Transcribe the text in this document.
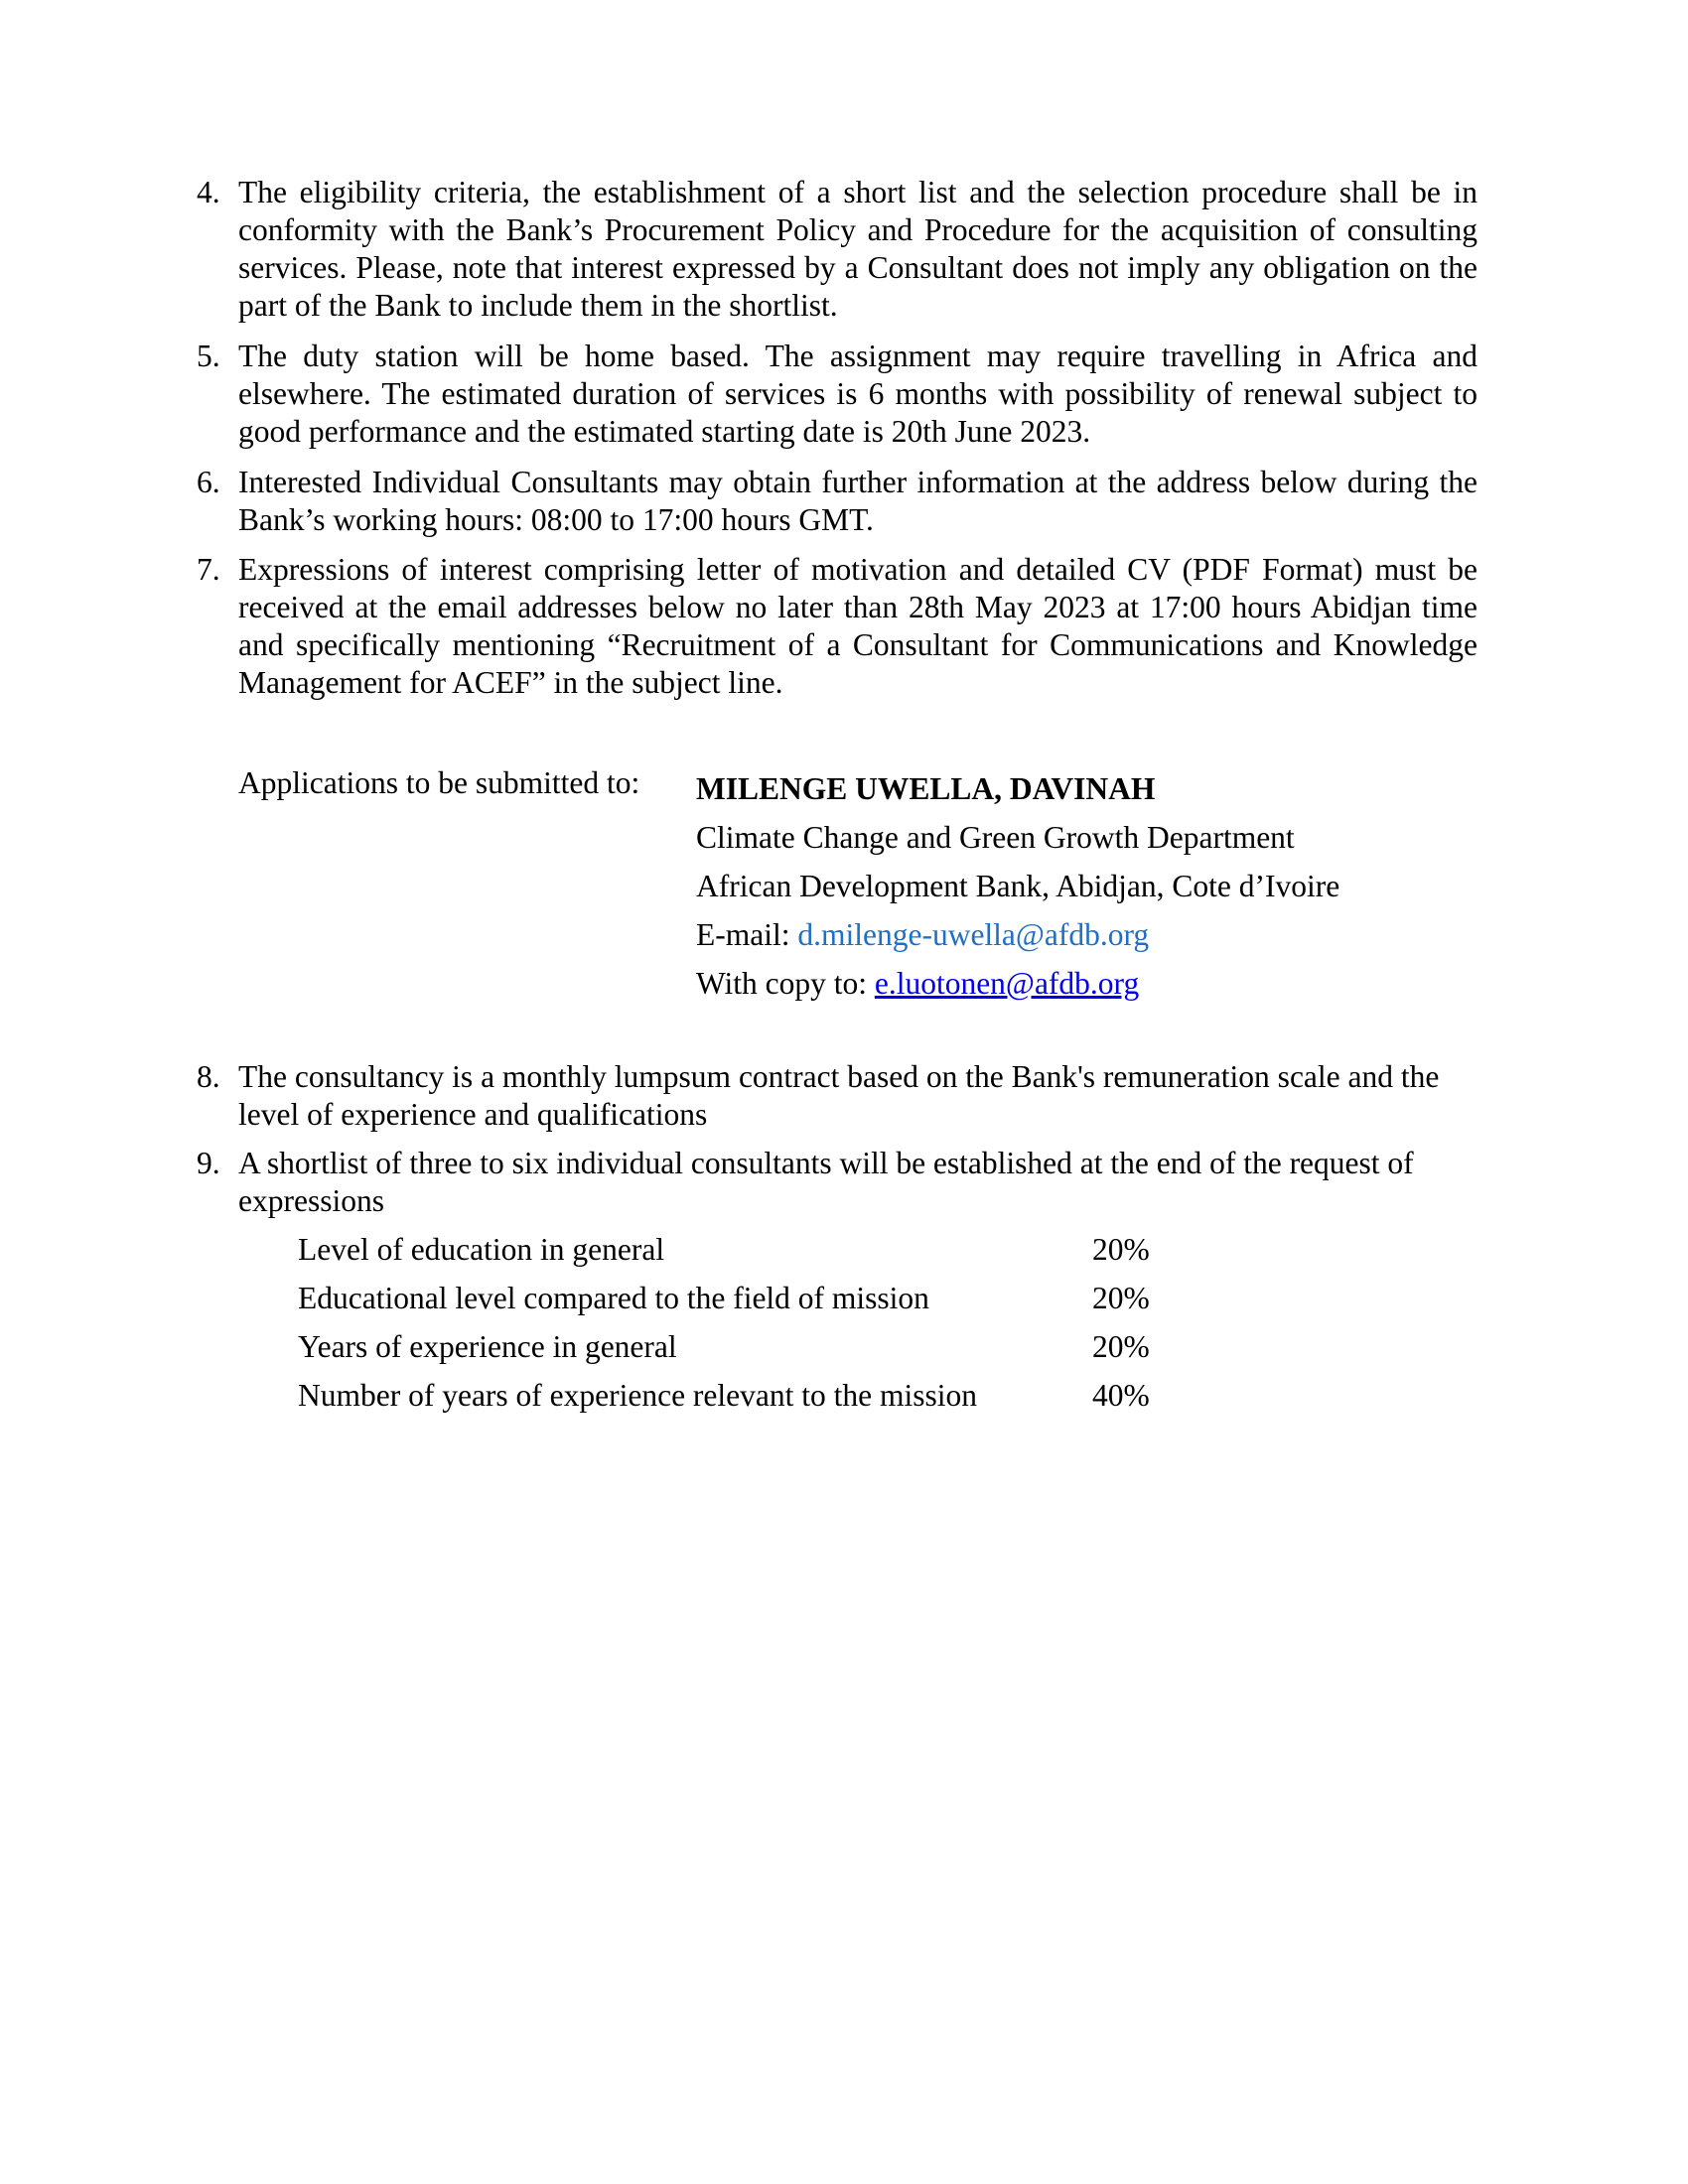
4. The eligibility criteria, the establishment of a short list and the selection procedure shall be in conformity with the Bank’s Procurement Policy and Procedure for the acquisition of consulting services. Please, note that interest expressed by a Consultant does not imply any obligation on the part of the Bank to include them in the shortlist.

5. The duty station will be home based. The assignment may require travelling in Africa and elsewhere. The estimated duration of services is 6 months with possibility of renewal subject to good performance and the estimated starting date is 20th June 2023.

6. Interested Individual Consultants may obtain further information at the address below during the Bank’s working hours: 08:00 to 17:00 hours GMT.

7. Expressions of interest comprising letter of motivation and detailed CV (PDF Format) must be received at the email addresses below no later than 28th May 2023 at 17:00 hours Abidjan time and specifically mentioning “Recruitment of a Consultant for Communications and Knowledge Management for ACEF” in the subject line.

Applications to be submitted to: MILENGE UWELLA, DAVINAH
Climate Change and Green Growth Department
African Development Bank, Abidjan, Cote d’Ivoire
E-mail: d.milenge-uwella@afdb.org
With copy to: e.luotonen@afdb.org
8. The consultancy is a monthly lumpsum contract based on the Bank's remuneration scale and the level of experience and qualifications

9. A shortlist of three to six individual consultants will be established at the end of the request of expressions

Level of education in general	20%
Educational level compared to the field of mission	20%
Years of experience in general	20%
Number of years of experience relevant to the mission	40%
